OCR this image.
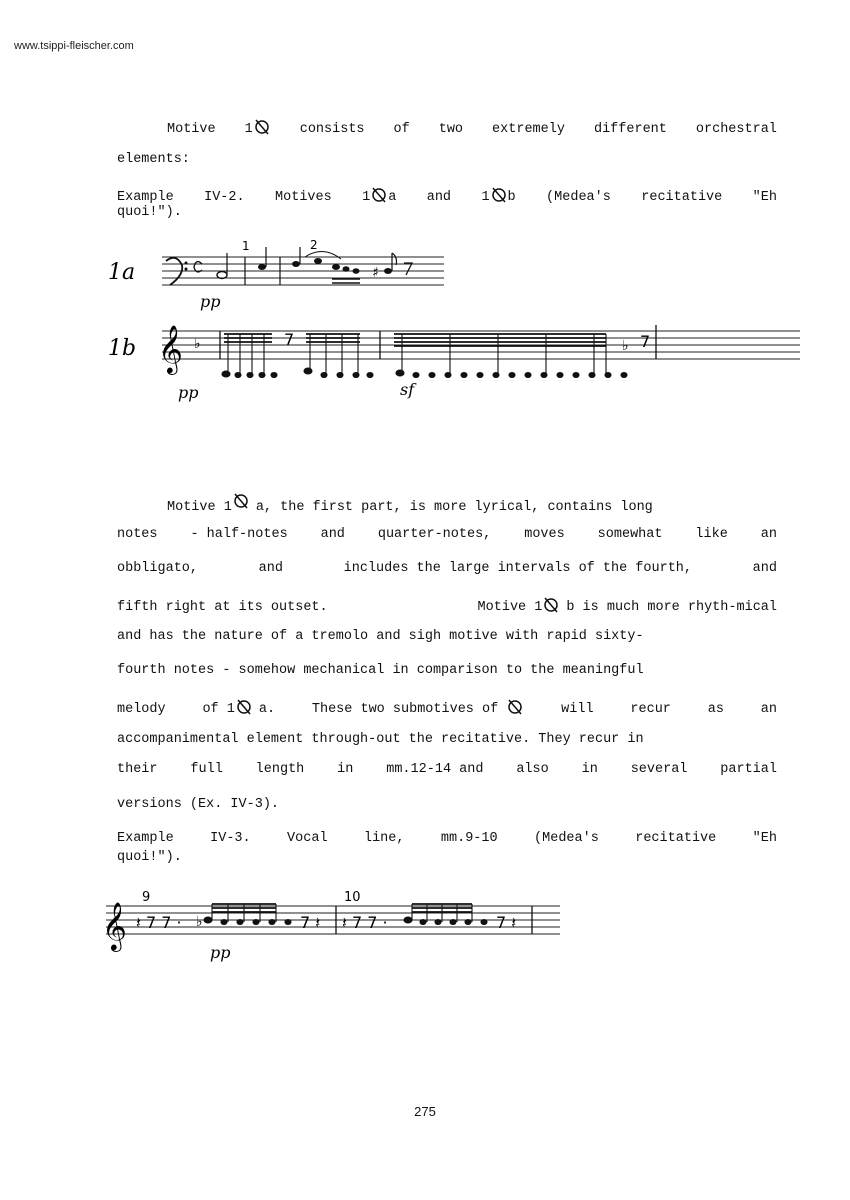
www.tsippi-fleischer.com
Motive 1	consists of two extremely different orchestral
elements:
Example IV-2. Motives 1 a and 1 b (Medea's recitative "Eh
quoi!").
1a
1	2
♯
pp
1b 𝄞 ♭	7	♭ 7
pp	sf
Motive 1 a, the first part, is more lyrical, contains long
notes - half-notes and quarter-notes, moves somewhat like an
obbligato,	and	includes the large intervals of the fourth,	and
fifth right at its outset.	Motive 1 b is much more rhyth-mical
and has the nature of a tremolo and sigh motive with rapid sixty-
fourth notes - somehow mechanical in comparison to the meaningful
melody	of 1 a.	These two submotives of	will	recur	as	an
accompanimental element through-out the recitative. They recur in
their full length in mm.12-14 and also in several partial
versions (Ex. IV-3).
Example	IV-3.	Vocal	line,	mm.9-10	(Medea's	recitative	"Eh
quoi!").
𝄞
9
𝄽 7 7 · ♭	7 𝄽
10
𝄽 7 7 ·	7 𝄽
pp
275
